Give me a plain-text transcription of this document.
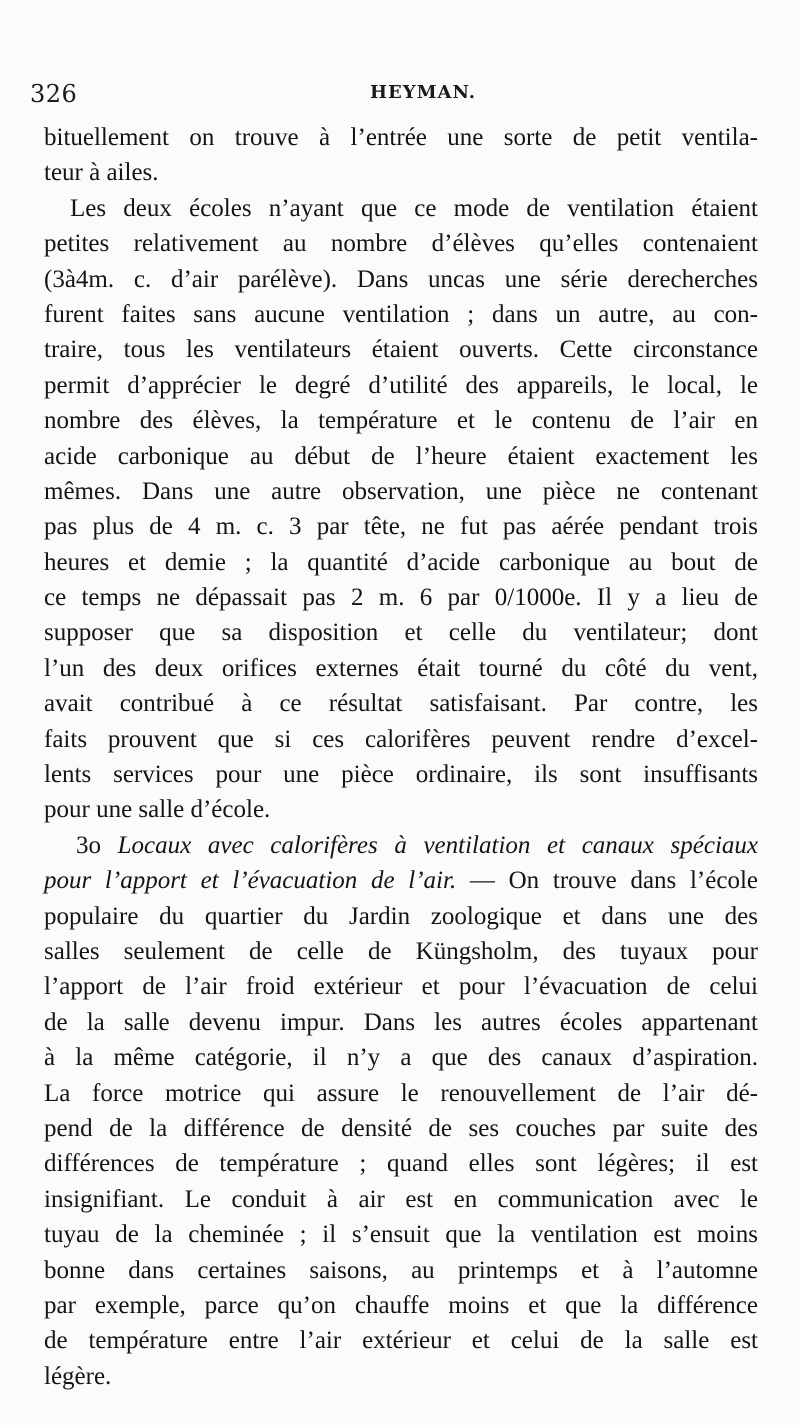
326	HEYMAN.
bituellement on trouve à l’entrée une sorte de petit ventila-
teur à ailes.
Les deux écoles n’ayant que ce mode de ventilation étaient
petites relativement au nombre d’élèves qu’elles contenaient
(3à4m. c. d’air parélève). Dans uncas une série derecherches
furent faites sans aucune ventilation ; dans un autre, au con-
traire, tous les ventilateurs étaient ouverts. Cette circonstance
permit d’apprécier le degré d’utilité des appareils, le local, le
nombre des élèves, la température et le contenu de l’air en
acide carbonique au début de l’heure étaient exactement les
mêmes. Dans une autre observation, une pièce ne contenant
pas plus de 4 m. c. 3 par tête, ne fut pas aérée pendant trois
heures et demie ; la quantité d’acide carbonique au bout de
ce temps ne dépassait pas 2 m. 6 par 0/1000e. Il y a lieu de
supposer que sa disposition et celle du ventilateur; dont
l’un des deux orifices externes était tourné du côté du vent,
avait contribué à ce résultat satisfaisant. Par contre, les
faits prouvent que si ces calorifères peuvent rendre d’excel-
lents services pour une pièce ordinaire, ils sont insuffisants
pour une salle d’école.
3o Locaux avec calorifères à ventilation et canaux spéciaux
pour l’apport et l’évacuation de l’air. — On trouve dans l’école
populaire du quartier du Jardin zoologique et dans une des
salles seulement de celle de Küngsholm, des tuyaux pour
l’apport de l’air froid extérieur et pour l’évacuation de celui
de la salle devenu impur. Dans les autres écoles appartenant
à la même catégorie, il n’y a que des canaux d’aspiration.
La force motrice qui assure le renouvellement de l’air dé-
pend de la différence de densité de ses couches par suite des
différences de température ; quand elles sont légères; il est
insignifiant. Le conduit à air est en communication avec le
tuyau de la cheminée ; il s’ensuit que la ventilation est moins
bonne dans certaines saisons, au printemps et à l’automne
par exemple, parce qu’on chauffe moins et que la différence
de température entre l’air extérieur et celui de la salle est
légère.
